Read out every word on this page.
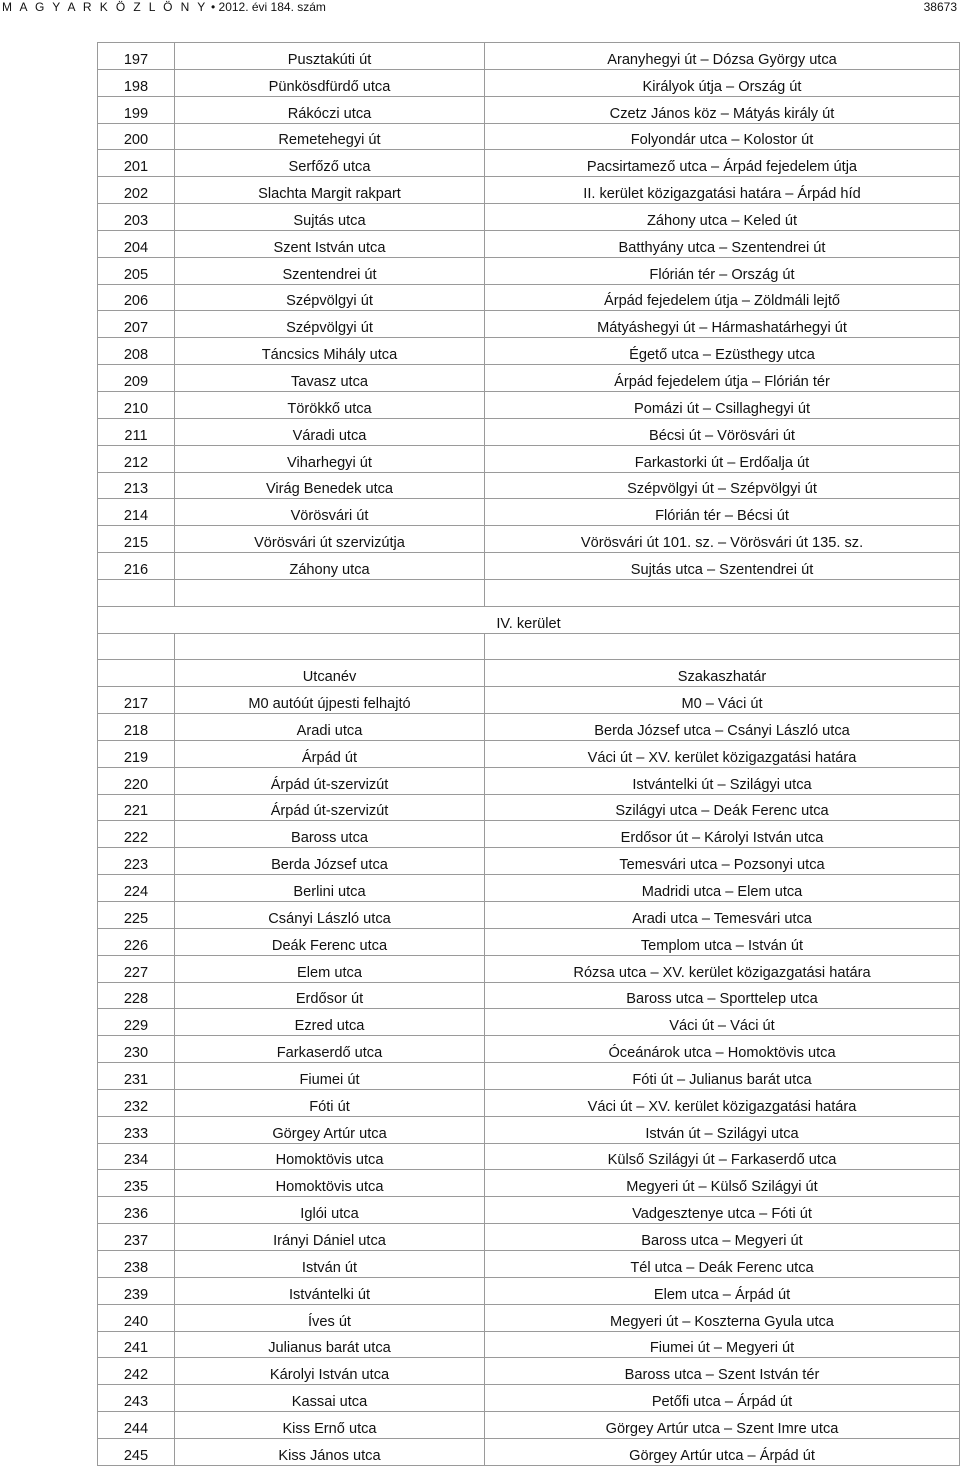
M A G Y A R K Ö Z L Ö N Y • 2012. évi 184. szám	38673
197	Pusztakúti út	Aranyhegyi út – Dózsa György utca
198	Pünkösdfürdő utca	Királyok útja – Ország út
199	Rákóczi utca	Czetz János köz – Mátyás király út
200	Remetehegyi út	Folyondár utca – Kolostor út
201	Serfőző utca	Pacsirtamező utca – Árpád fejedelem útja
202	Slachta Margit rakpart	II. kerület közigazgatási határa – Árpád híd
203	Sujtás utca	Záhony utca – Keled út
204	Szent István utca	Batthyány utca – Szentendrei út
205	Szentendrei út	Flórián tér – Ország út
206	Szépvölgyi út	Árpád fejedelem útja – Zöldmáli lejtő
207	Szépvölgyi út	Mátyáshegyi út – Hármashatárhegyi út
208	Táncsics Mihály utca	Égető utca – Ezüsthegy utca
209	Tavasz utca	Árpád fejedelem útja – Flórián tér
210	Törökkő utca	Pomázi út – Csillaghegyi út
211	Váradi utca	Bécsi út – Vörösvári út
212	Viharhegyi út	Farkastorki út – Erdőalja út
213	Virág Benedek utca	Szépvölgyi út – Szépvölgyi út
214	Vörösvári út	Flórián tér – Bécsi út
215	Vörösvári út szervizútja	Vörösvári út 101. sz. – Vörösvári út 135. sz.
216	Záhony utca	Sujtás utca – Szentendrei út

IV. kerület		

	Utcanév	Szakaszhatár
217	M0 autóút újpesti felhajtó	M0 – Váci út
218	Aradi utca	Berda József utca – Csányi László utca
219	Árpád út	Váci út – XV. kerület közigazgatási határa
220	Árpád út-szervizút	Istvántelki út – Szilágyi utca
221	Árpád út-szervizút	Szilágyi utca – Deák Ferenc utca
222	Baross utca	Erdősor út – Károlyi István utca
223	Berda József utca	Temesvári utca – Pozsonyi utca
224	Berlini utca	Madridi utca – Elem utca
225	Csányi László utca	Aradi utca – Temesvári utca
226	Deák Ferenc utca	Templom utca – István út
227	Elem utca	Rózsa utca – XV. kerület közigazgatási határa
228	Erdősor út	Baross utca – Sporttelep utca
229	Ezred utca	Váci út – Váci út
230	Farkaserdő utca	Óceánárok utca – Homoktövis utca
231	Fiumei út	Fóti út – Julianus barát utca
232	Fóti út	Váci út – XV. kerület közigazgatási határa
233	Görgey Artúr utca	István út – Szilágyi utca
234	Homoktövis utca	Külső Szilágyi út – Farkaserdő utca
235	Homoktövis utca	Megyeri út – Külső Szilágyi út
236	Iglói utca	Vadgesztenye utca – Fóti út
237	Irányi Dániel utca	Baross utca – Megyeri út
238	István út	Tél utca – Deák Ferenc utca
239	Istvántelki út	Elem utca – Árpád út
240	Íves út	Megyeri út – Koszterna Gyula utca
241	Julianus barát utca	Fiumei út – Megyeri út
242	Károlyi István utca	Baross utca – Szent István tér
243	Kassai utca	Petőfi utca – Árpád út
244	Kiss Ernő utca	Görgey Artúr utca – Szent Imre utca
245	Kiss János utca	Görgey Artúr utca – Árpád út
